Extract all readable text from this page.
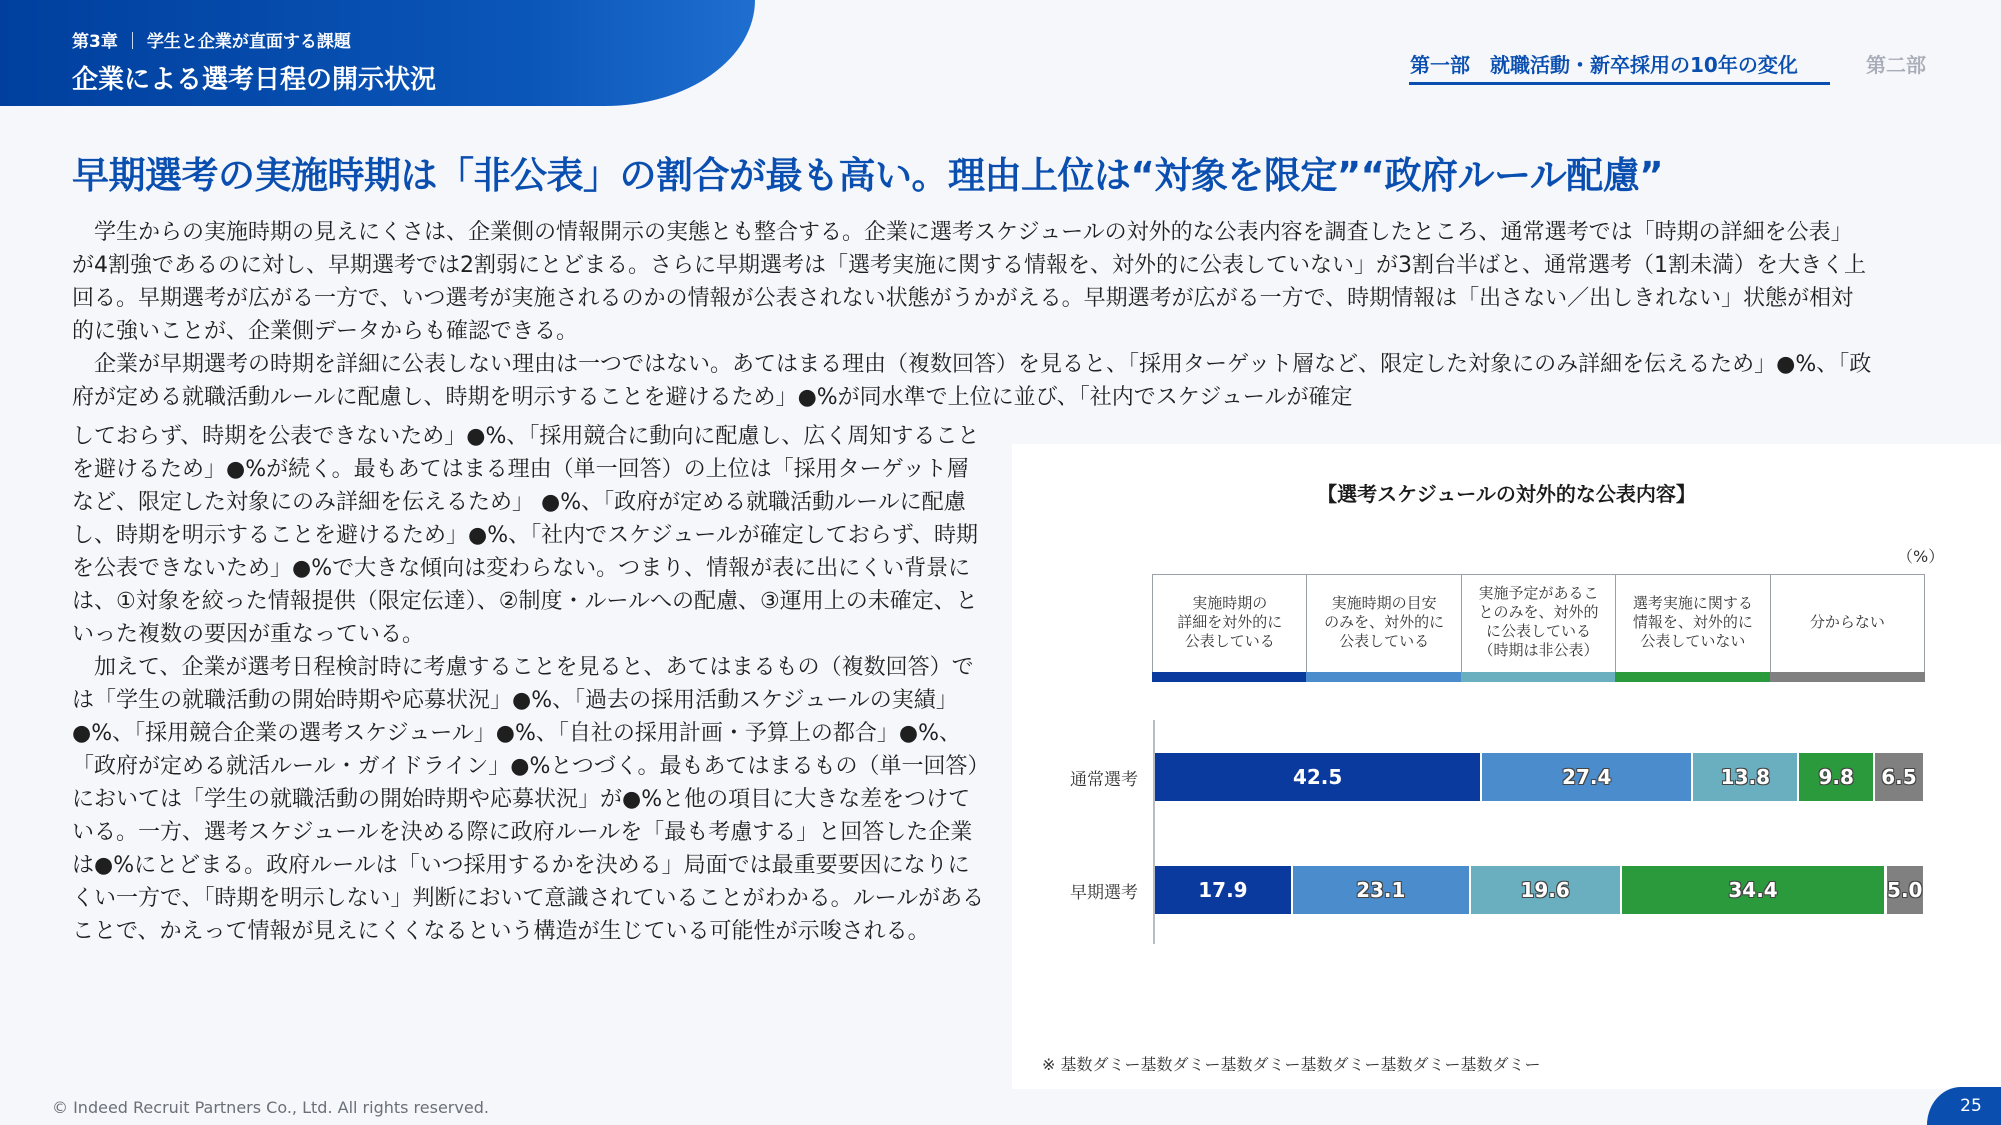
第3章 学生と企業が直面する課題
企業による選考日程の開示状況	第一部　就職活動・新卒採用の10年の変化	第二部
早期選考の実施時期は「非公表」の割合が最も高い。理由上位は“対象を限定”“政府ルール配慮”

学生からの実施時期の見えにくさは、企業側の情報開示の実態とも整合する。企業に選考スケジュールの対外的な公表内容を調査したところ、通常選考では「時期の詳細を公表」が4割強であるのに対し、早期選考では2割弱にとどまる。さらに早期選考は「選考実施に関する情報を、対外的に公表していない」が3割台半ばと、通常選考（1割未満）を大きく上回る。早期選考が広がる一方で、いつ選考が実施されるのかの情報が公表されない状態がうかがえる。早期選考が広がる一方で、時期情報は「出さない／出しきれない」状態が相対的に強いことが、企業側データからも確認できる。

企業が早期選考の時期を詳細に公表しない理由は一つではない。あてはまる理由（複数回答）を見ると、「採用ターゲット層など、限定した対象にのみ詳細を伝えるため」●%、「政府が定める就職活動ルールに配慮し、時期を明示することを避けるため」●%が同水準で上位に並び、「社内でスケジュールが確定

しておらず、時期を公表できないため」●%、「採用競合に動向に配慮し、広く周知することを避けるため」●%が続く。最もあてはまる理由（単一回答）の上位は「採用ターゲット層など、限定した対象にのみ詳細を伝えるため」 ●%、「政府が定める就職活動ルールに配慮し、時期を明示することを避けるため」●%、「社内でスケジュールが確定しておらず、時期を公表できないため」●%で大きな傾向は変わらない。つまり、情報が表に出にくい背景には、①対象を絞った情報提供（限定伝達）、②制度・ルールへの配慮、③運用上の未確定、といった複数の要因が重なっている。

加えて、企業が選考日程検討時に考慮することを見ると、あてはまるもの（複数回答）では「学生の就職活動の開始時期や応募状況」●%、「過去の採用活動スケジュールの実績」●%、「採用競合企業の選考スケジュール」●%、「自社の採用計画・予算上の都合」●%、「政府が定める就活ルール・ガイドライン」●%とつづく。最もあてはまるもの（単一回答）においては「学生の就職活動の開始時期や応募状況」が●%と他の項目に大きな差をつけている。一方、選考スケジュールを決める際に政府ルールを「最も考慮する」と回答した企業は●%にとどまる。政府ルールは「いつ採用するかを決める」局面では最重要要因になりにくい一方で、「時期を明示しない」判断において意識されていることがわかる。ルールがあることで、かえって情報が見えにくくなるという構造が生じている可能性が示唆される。

【選考スケジュールの対外的な公表内容】
（%）
実施時期の
詳細を対外的に
公表している
実施時期の目安
のみを、対外的に
公表している
実施予定があるこ
とのみを、対外的
に公表している
（時期は非公表）
選考実施に関する
情報を、対外的に
公表していない
分からない
通常選考	42.5	27.4	13.8 9.8 6.5
早期選考	17.9	23.1	19.6	34.4	5.0
※ 基数ダミー基数ダミー基数ダミー基数ダミー基数ダミー基数ダミー
© Indeed Recruit Partners Co., Ltd. All rights reserved.	25
